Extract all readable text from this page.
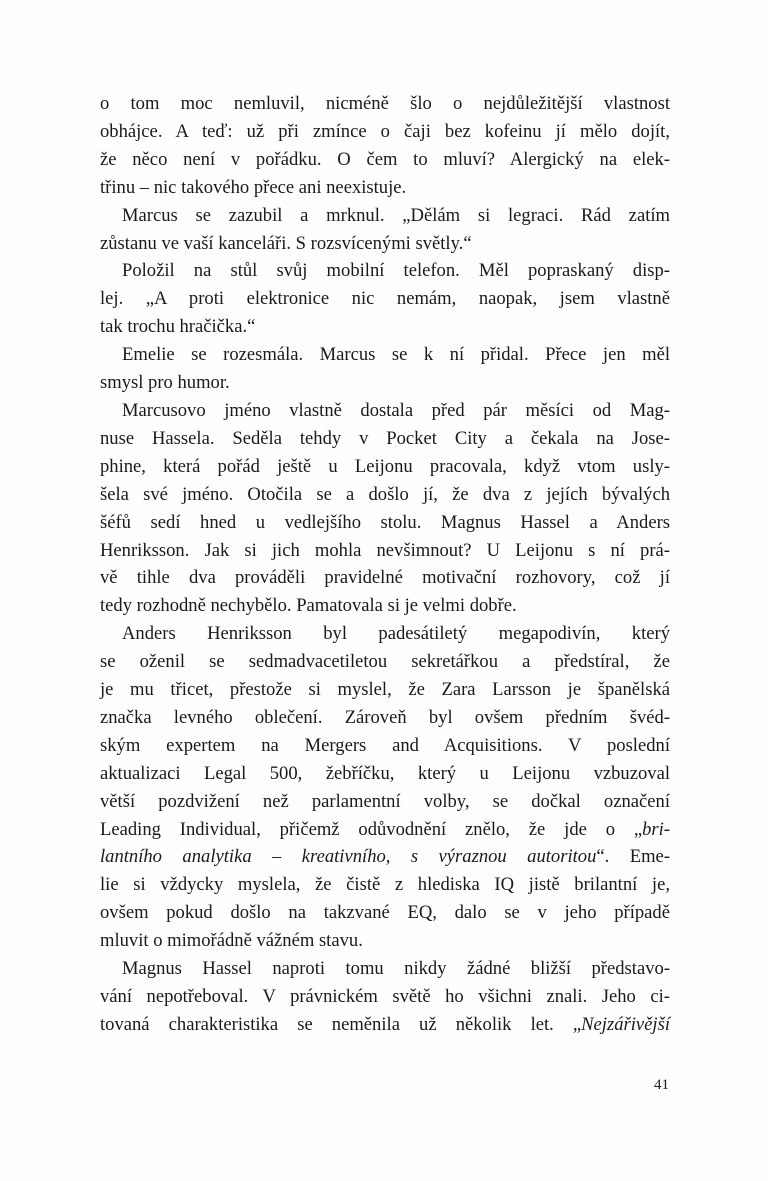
o tom moc nemluvil, nicméně šlo o nejdůležitější vlastnost
obhájce. A teď: už při zmínce o čaji bez kofeinu jí mělo dojít,
že něco není v pořádku. O čem to mluví? Alergický na elek-
třinu – nic takového přece ani neexistuje.
Marcus se zazubil a mrknul. „Dělám si legraci. Rád zatím
zůstanu ve vaší kanceláři. S rozsvícenými světly.“
Položil na stůl svůj mobilní telefon. Měl popraskaný disp-
lej. „A proti elektronice nic nemám, naopak, jsem vlastně
tak trochu hračička.“
Emelie se rozesmála. Marcus se k ní přidal. Přece jen měl
smysl pro humor.
Marcusovo jméno vlastně dostala před pár měsíci od Mag-
nuse Hassela. Seděla tehdy v Pocket City a čekala na Jose-
phine, která pořád ještě u Leijonu pracovala, když vtom usly-
šela své jméno. Otočila se a došlo jí, že dva z jejích bývalých
šéfů sedí hned u vedlejšího stolu. Magnus Hassel a Anders
Henriksson. Jak si jich mohla nevšimnout? U Leijonu s ní prá-
vě tihle dva prováděli pravidelné motivační rozhovory, což jí
tedy rozhodně nechybělo. Pamatovala si je velmi dobře.
Anders Henriksson byl padesátiletý megapodivín, který
se oženil se sedmadvacetiletou sekretářkou a předstíral, že
je mu třicet, přestože si myslel, že Zara Larsson je španělská
značka levného oblečení. Zároveň byl ovšem předním švéd-
ským expertem na Mergers and Acquisitions. V poslední
aktualizaci Legal 500, žebříčku, který u Leijonu vzbuzoval
větší pozdvižení než parlamentní volby, se dočkal označení
Leading Individual, přičemž odůvodnění znělo, že jde o „bri-
lantního analytika – kreativního, s výraznou autoritou“. Eme-
lie si vždycky myslela, že čistě z hlediska IQ jistě brilantní je,
ovšem pokud došlo na takzvané EQ, dalo se v jeho případě
mluvit o mimořádně vážném stavu.
Magnus Hassel naproti tomu nikdy žádné bližší představo-
vání nepotřeboval. V právnickém světě ho všichni znali. Jeho ci-
tovaná charakteristika se neměnila už několik let. „Nejzářivější
41
